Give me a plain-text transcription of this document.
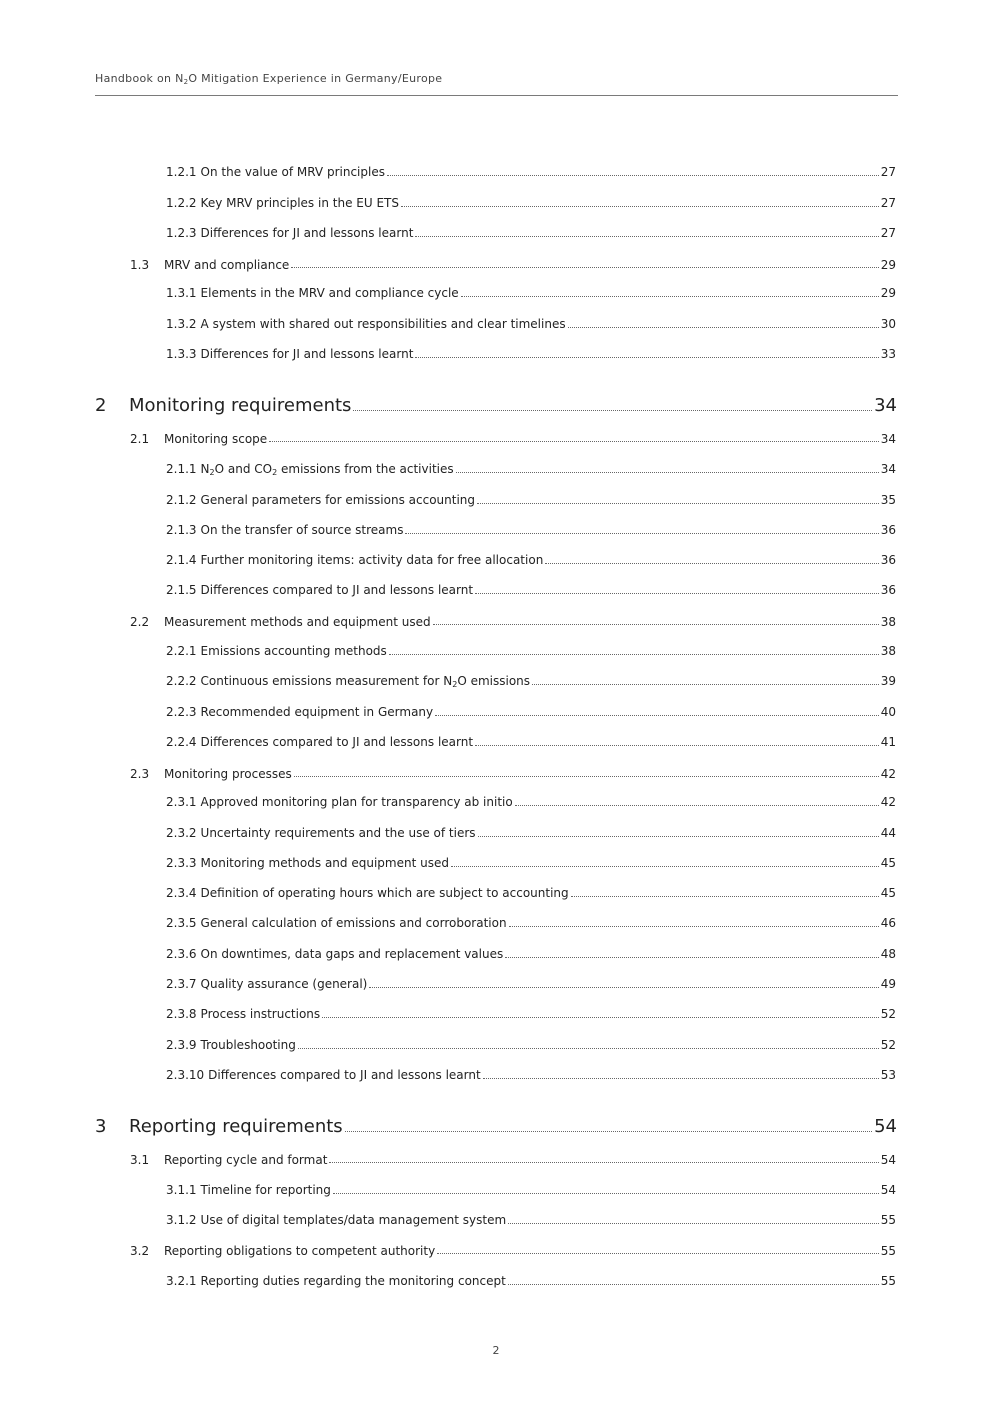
Handbook on $N_2O$ Mitigation Experience in Germany/Europe
1.2.1 On the value of MRV principles	27
1.2.2 Key MRV principles in the EU ETS	27
1.2.3 Differences for JI and lessons learnt	27
1.3	MRV and compliance	29
1.3.1 Elements in the MRV and compliance cycle	29
1.3.2 A system with shared out responsibilities and clear timelines	30
1.3.3 Differences for JI and lessons learnt	33
2	Monitoring requirements	34
2.1	Monitoring scope	34
2.1.1 $N_2O$ and $CO_2$ emissions from the activities	34
2.1.2 General parameters for emissions accounting	35
2.1.3 On the transfer of source streams	36
2.1.4 Further monitoring items: activity data for free allocation	36
2.1.5 Differences compared to JI and lessons learnt	36
2.2	Measurement methods and equipment used	38
2.2.1 Emissions accounting methods	38
2.2.2 Continuous emissions measurement for $N_2O$ emissions	39
2.2.3 Recommended equipment in Germany	40
2.2.4 Differences compared to JI and lessons learnt	41
2.3	Monitoring processes	42
2.3.1 Approved monitoring plan for transparency ab initio	42
2.3.2 Uncertainty requirements and the use of tiers	44
2.3.3 Monitoring methods and equipment used	45
2.3.4 Definition of operating hours which are subject to accounting	45
2.3.5 General calculation of emissions and corroboration	46
2.3.6 On downtimes, data gaps and replacement values	48
2.3.7 Quality assurance (general)	49
2.3.8 Process instructions	52
2.3.9 Troubleshooting	52
2.3.10 Differences compared to JI and lessons learnt	53
3	Reporting requirements	54
3.1	Reporting cycle and format	54
3.1.1 Timeline for reporting	54
3.1.2 Use of digital templates/data management system	55
3.2	Reporting obligations to competent authority	55
3.2.1 Reporting duties regarding the monitoring concept	55
2
